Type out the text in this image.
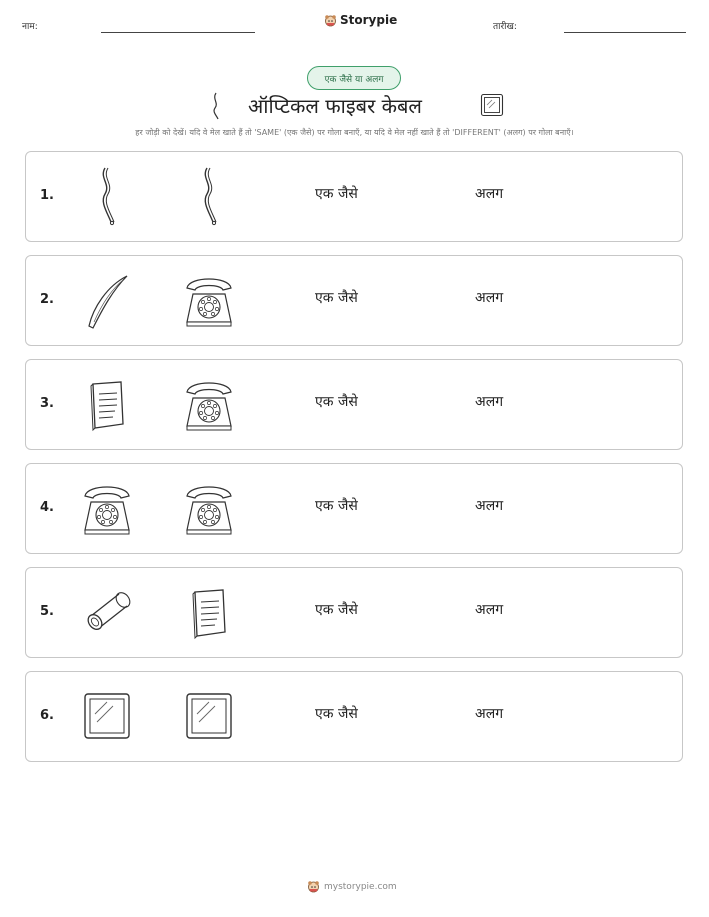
नाम:	Storypie	तारीख:
एक जैसे या अलग
ऑप्टिकल फाइबर केबल
हर जोड़ी को देखें। यदि वे मेल खाते हैं तो 'SAME' (एक जैसे) पर गोला बनाएँ, या यदि वे मेल नहीं खाते हैं तो 'DIFFERENT' (अलग) पर गोला बनाएँ।
1.	एक जैसे	अलग
2.	एक जैसे	अलग
3.	एक जैसे	अलग
4.	एक जैसे	अलग
5.	एक जैसे	अलग
6.	एक जैसे	अलग
mystorypie.com
